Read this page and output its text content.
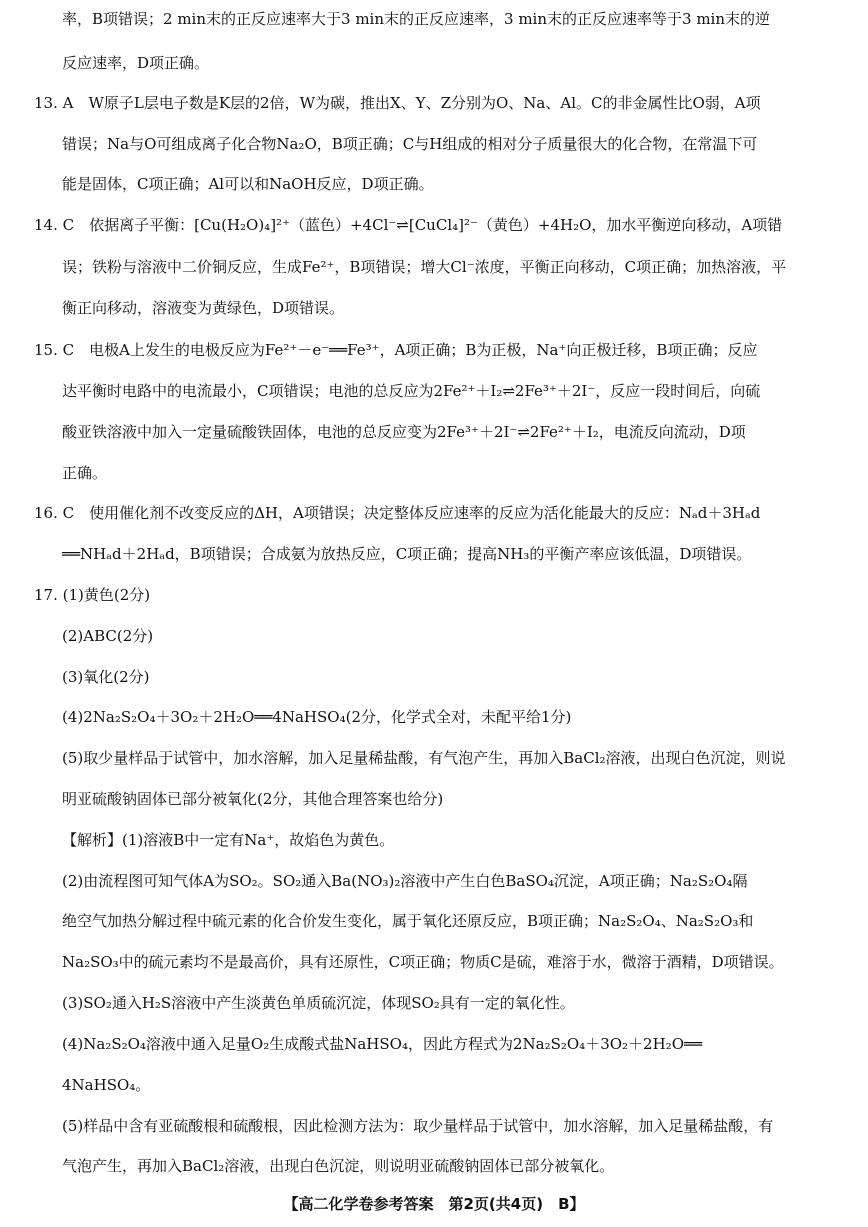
率，B项错误；2 min末的正反应速率大于3 min末的正反应速率，3 min末的正反应速率等于3 min末的逆
反应速率，D项正确。
13. A　W原子L层电子数是K层的2倍，W为碳，推出X、Y、Z分别为O、Na、Al。C的非金属性比O弱，A项
错误；Na与O可组成离子化合物Na₂O，B项正确；C与H组成的相对分子质量很大的化合物，在常温下可
能是固体，C项正确；Al可以和NaOH反应，D项正确。
14. C　依据离子平衡：[Cu(H₂O)₄]²⁺（蓝色）+4Cl⁻⇌[CuCl₄]²⁻（黄色）+4H₂O，加水平衡逆向移动，A项错
误；铁粉与溶液中二价铜反应，生成Fe²⁺，B项错误；增大Cl⁻浓度，平衡正向移动，C项正确；加热溶液，平
衡正向移动，溶液变为黄绿色，D项错误。
15. C　电极A上发生的电极反应为Fe²⁺－e⁻══Fe³⁺，A项正确；B为正极，Na⁺向正极迁移，B项正确；反应
达平衡时电路中的电流最小，C项错误；电池的总反应为2Fe²⁺＋I₂⇌2Fe³⁺＋2I⁻，反应一段时间后，向硫
酸亚铁溶液中加入一定量硫酸铁固体，电池的总反应变为2Fe³⁺＋2I⁻⇌2Fe²⁺＋I₂，电流反向流动，D项
正确。
16. C　使用催化剂不改变反应的ΔH，A项错误；决定整体反应速率的反应为活化能最大的反应：Nₐd＋3Hₐd
══NHₐd＋2Hₐd，B项错误；合成氨为放热反应，C项正确；提高NH₃的平衡产率应该低温，D项错误。
17. (1)黄色(2分)
(2)ABC(2分)
(3)氧化(2分)
(4)2Na₂S₂O₄＋3O₂＋2H₂O══4NaHSO₄(2分，化学式全对，未配平给1分)
(5)取少量样品于试管中，加水溶解，加入足量稀盐酸，有气泡产生，再加入BaCl₂溶液，出现白色沉淀，则说
明亚硫酸钠固体已部分被氧化(2分，其他合理答案也给分)
【解析】(1)溶液B中一定有Na⁺，故焰色为黄色。
(2)由流程图可知气体A为SO₂。SO₂通入Ba(NO₃)₂溶液中产生白色BaSO₄沉淀，A项正确；Na₂S₂O₄隔
绝空气加热分解过程中硫元素的化合价发生变化，属于氧化还原反应，B项正确；Na₂S₂O₄、Na₂S₂O₃和
Na₂SO₃中的硫元素均不是最高价，具有还原性，C项正确；物质C是硫，难溶于水，微溶于酒精，D项错误。
(3)SO₂通入H₂S溶液中产生淡黄色单质硫沉淀，体现SO₂具有一定的氧化性。
(4)Na₂S₂O₄溶液中通入足量O₂生成酸式盐NaHSO₄，因此方程式为2Na₂S₂O₄＋3O₂＋2H₂O══
4NaHSO₄。
(5)样品中含有亚硫酸根和硫酸根，因此检测方法为：取少量样品于试管中，加水溶解，加入足量稀盐酸，有
气泡产生，再加入BaCl₂溶液，出现白色沉淀，则说明亚硫酸钠固体已部分被氧化。
【高二化学卷参考答案　第2页(共4页)　B】
